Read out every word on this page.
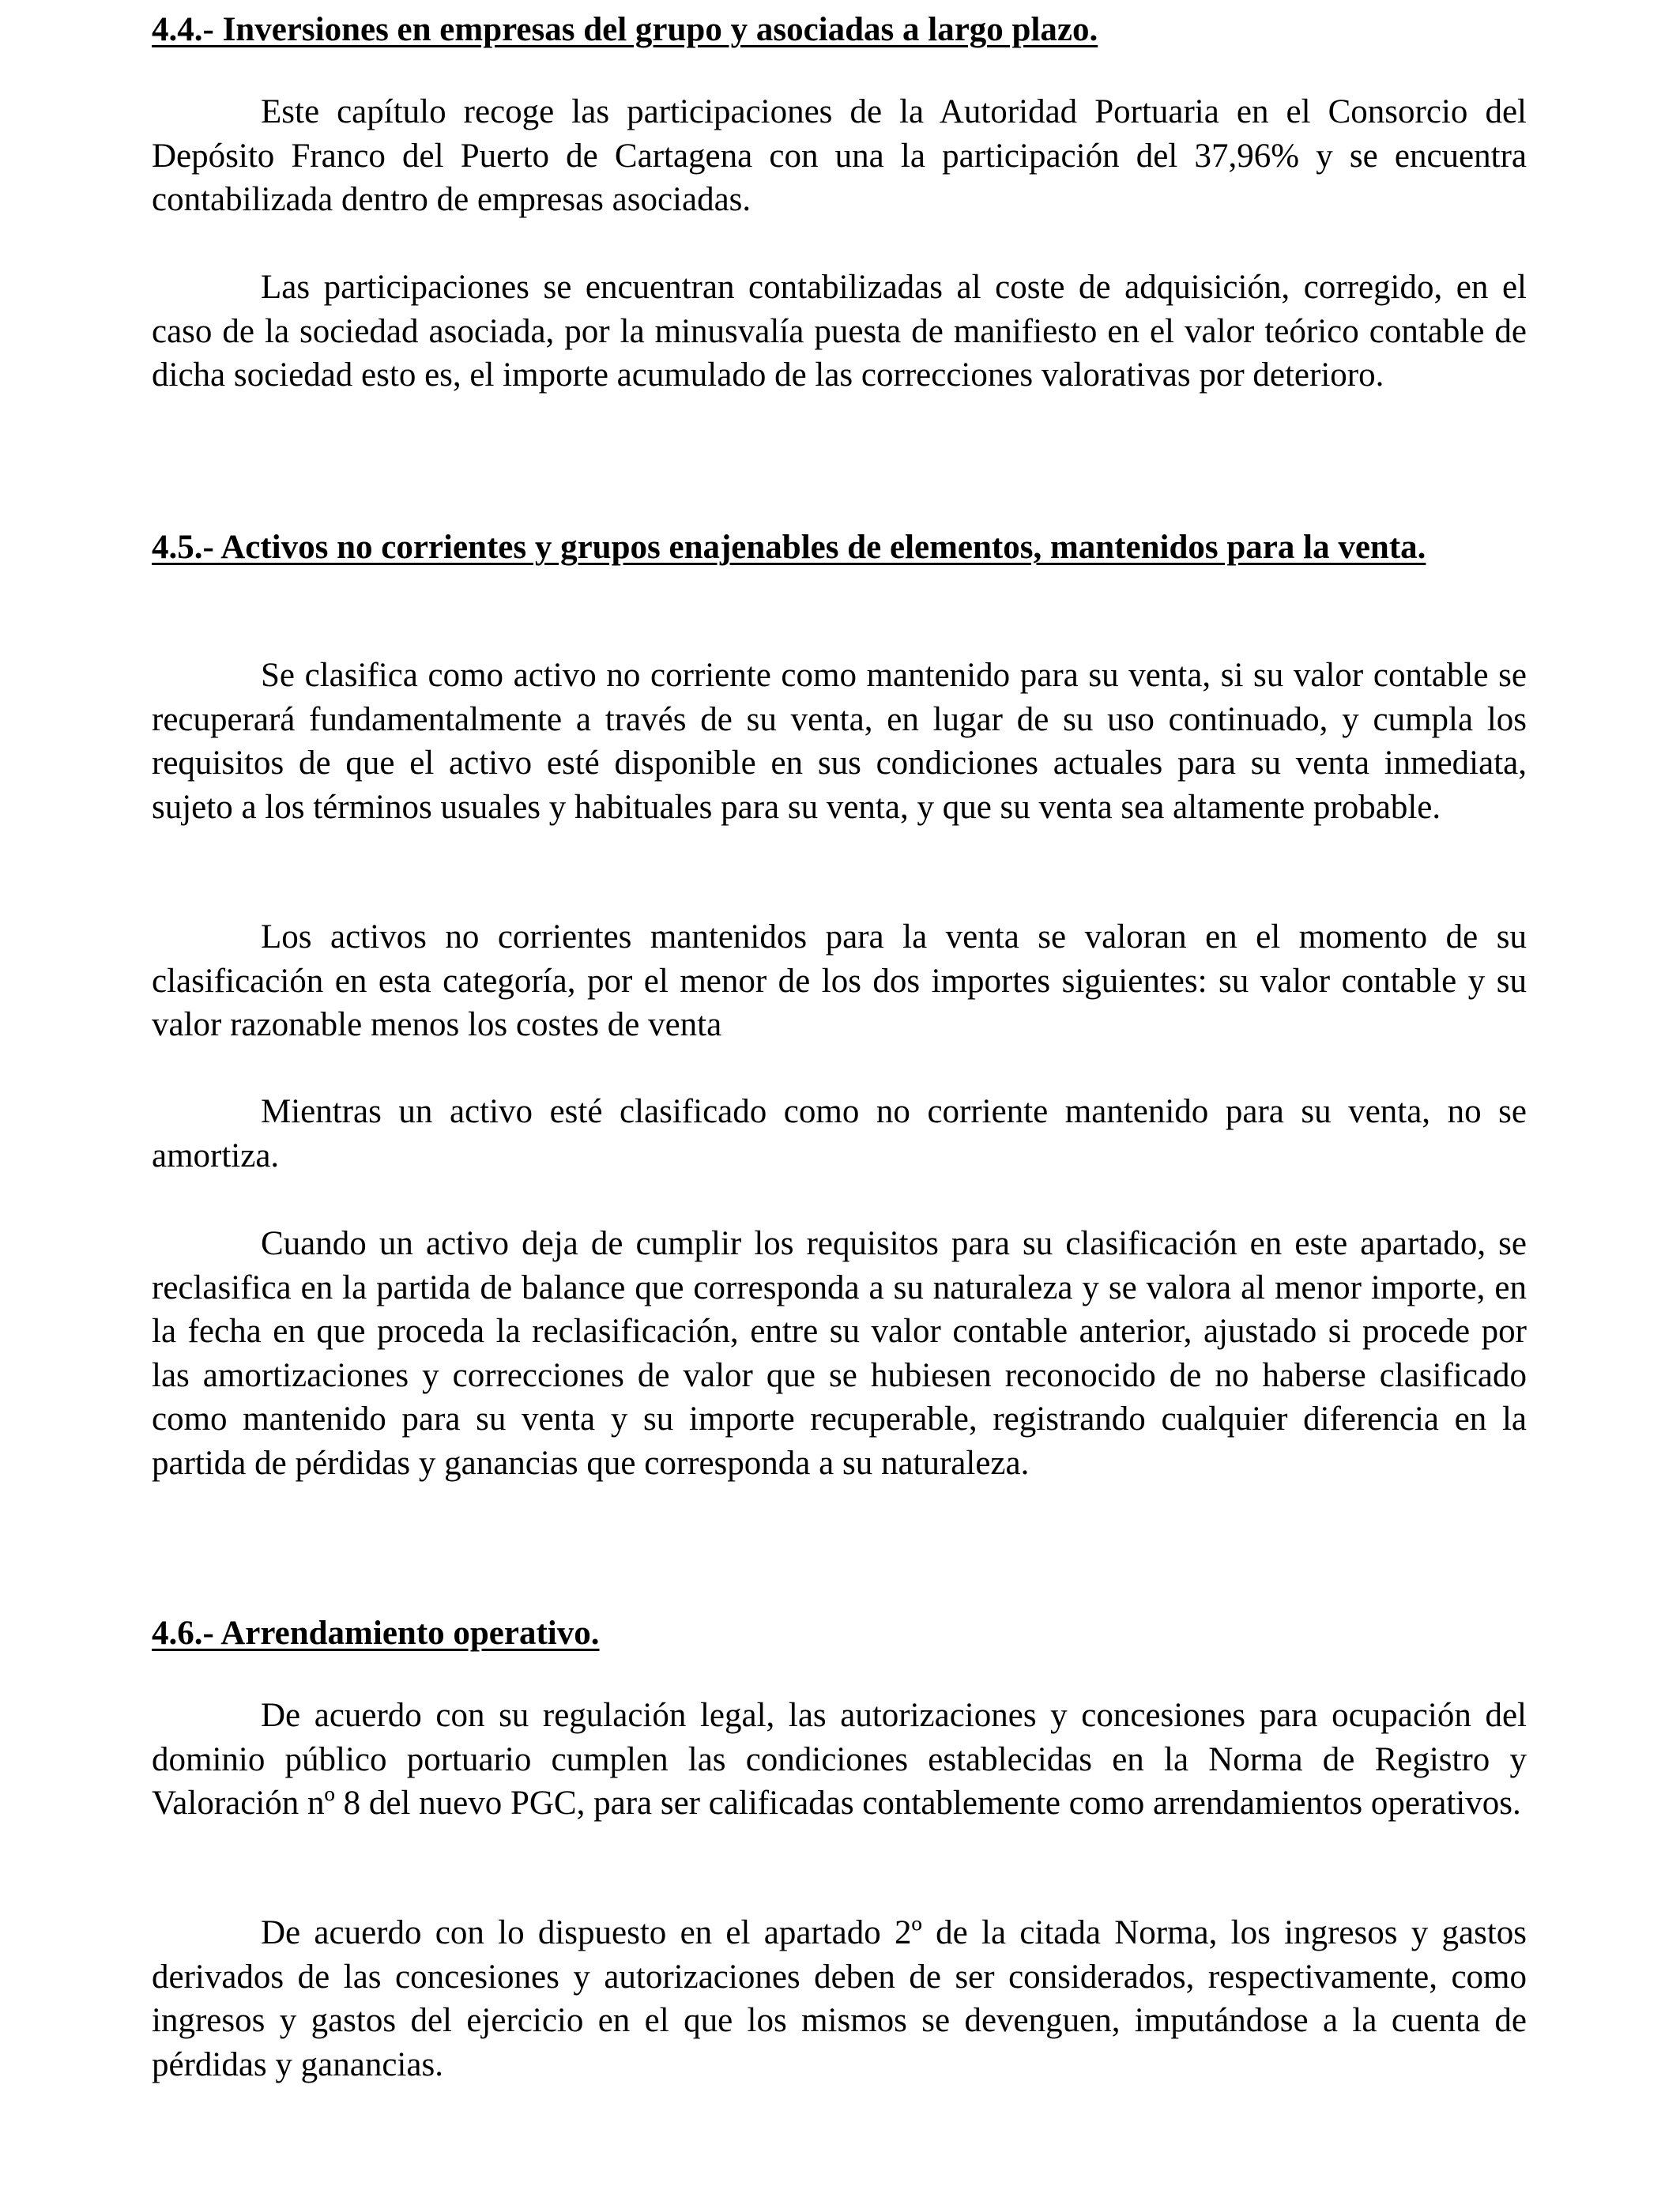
4.4.- Inversiones en empresas del grupo y asociadas a largo plazo.

Este capítulo recoge las participaciones de la Autoridad Portuaria en el Consorcio del Depósito Franco del Puerto de Cartagena con una la participación del 37,96% y se encuentra contabilizada dentro de empresas asociadas.

Las participaciones se encuentran contabilizadas al coste de adquisición, corregido, en el caso de la sociedad asociada, por la minusvalía puesta de manifiesto en el valor teórico contable de dicha sociedad esto es, el importe acumulado de las correcciones valorativas por deterioro.

4.5.- Activos no corrientes y grupos enajenables de elementos, mantenidos para la venta.

Se clasifica como activo no corriente como mantenido para su venta, si su valor contable se recuperará fundamentalmente a través de su venta, en lugar de su uso continuado, y cumpla los requisitos de que el activo esté disponible en sus condiciones actuales para su venta inmediata, sujeto a los términos usuales y habituales para su venta, y que su venta sea altamente probable.

Los activos no corrientes mantenidos para la venta se valoran en el momento de su clasificación en esta categoría, por el menor de los dos importes siguientes: su valor contable y su valor razonable menos los costes de venta

Mientras un activo esté clasificado como no corriente mantenido para su venta, no se amortiza.

Cuando un activo deja de cumplir los requisitos para su clasificación en este apartado, se reclasifica en la partida de balance que corresponda a su naturaleza y se valora al menor importe, en la fecha en que proceda la reclasificación, entre su valor contable anterior, ajustado si procede por las amortizaciones y correcciones de valor que se hubiesen reconocido de no haberse clasificado como mantenido para su venta y su importe recuperable, registrando cualquier diferencia en la partida de pérdidas y ganancias que corresponda a su naturaleza.

4.6.- Arrendamiento operativo.

De acuerdo con su regulación legal, las autorizaciones y concesiones para ocupación del dominio público portuario cumplen las condiciones establecidas en la Norma de Registro y Valoración nº 8 del nuevo PGC, para ser calificadas contablemente como arrendamientos operativos.

De acuerdo con lo dispuesto en el apartado 2º de la citada Norma, los ingresos y gastos derivados de las concesiones y autorizaciones deben de ser considerados, respectivamente, como ingresos y gastos del ejercicio en el que los mismos se devenguen, imputándose a la cuenta de pérdidas y ganancias.
